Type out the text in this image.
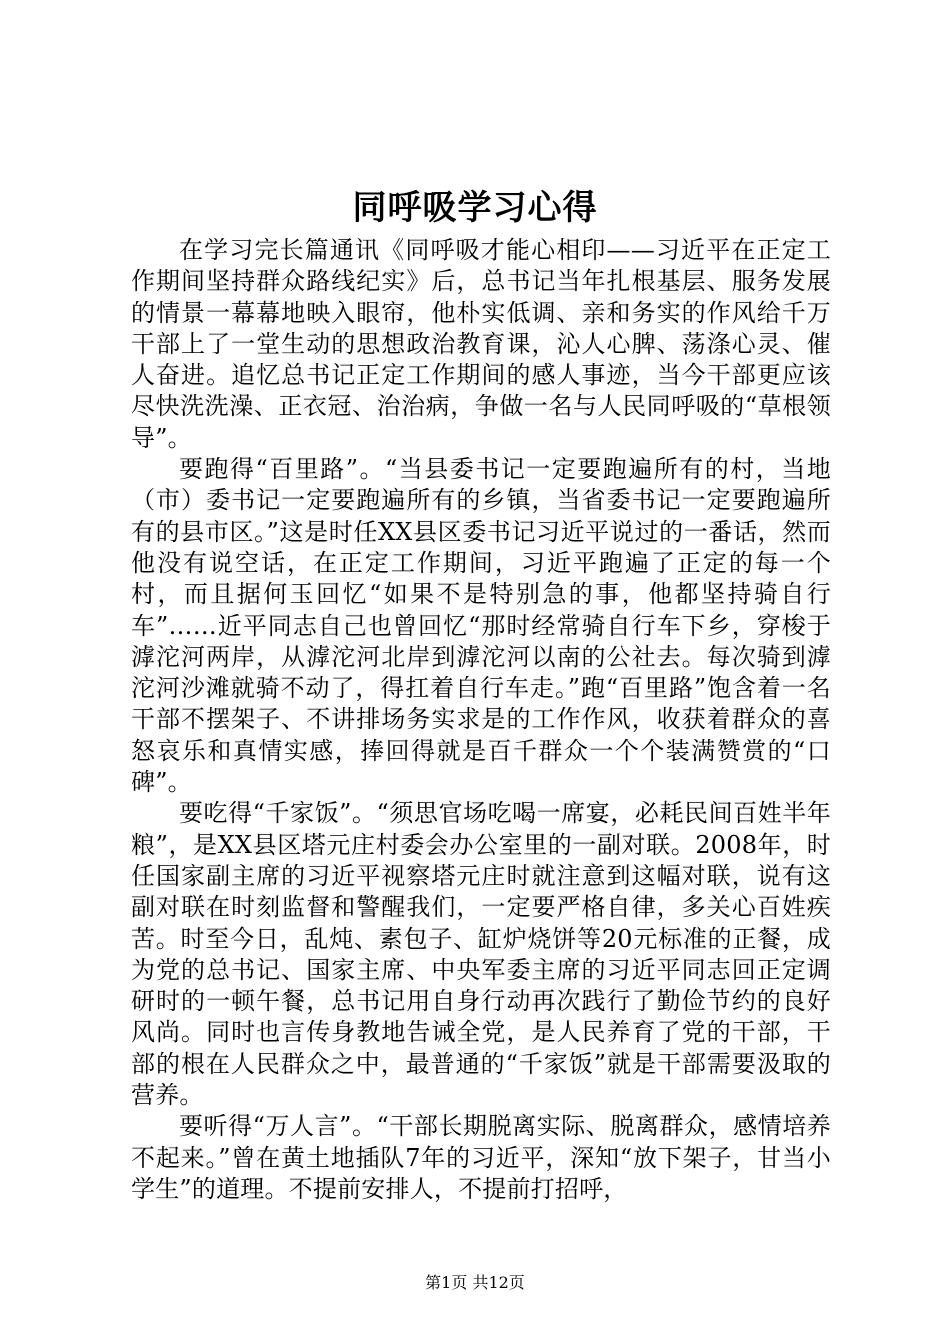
同呼吸学习心得

在学习完长篇通讯《同呼吸才能心相印——习近平在正定工作期间坚持群众路线纪实》后，总书记当年扎根基层、服务发展的情景一幕幕地映入眼帘，他朴实低调、亲和务实的作风给千万干部上了一堂生动的思想政治教育课，沁人心脾、荡涤心灵、催人奋进。追忆总书记正定工作期间的感人事迹，当今干部更应该尽快洗洗澡、正衣冠、治治病，争做一名与人民同呼吸的“草根领导”。

要跑得“百里路”。“当县委书记一定要跑遍所有的村，当地（市）委书记一定要跑遍所有的乡镇，当省委书记一定要跑遍所有的县市区。”这是时任XX县区委书记习近平说过的一番话，然而他没有说空话，在正定工作期间，习近平跑遍了正定的每一个村，而且据何玉回忆“如果不是特别急的事，他都坚持骑自行车”……近平同志自己也曾回忆“那时经常骑自行车下乡，穿梭于滹沱河两岸，从滹沱河北岸到滹沱河以南的公社去。每次骑到滹沱河沙滩就骑不动了，得扛着自行车走。”跑“百里路”饱含着一名干部不摆架子、不讲排场务实求是的工作作风，收获着群众的喜怒哀乐和真情实感，捧回得就是百千群众一个个装满赞赏的“口碑”。

要吃得“千家饭”。“须思官场吃喝一席宴，必耗民间百姓半年粮”，是XX县区塔元庄村委会办公室里的一副对联。2008年，时任国家副主席的习近平视察塔元庄时就注意到这幅对联，说有这副对联在时刻监督和警醒我们，一定要严格自律，多关心百姓疾苦。时至今日，乱炖、素包子、缸炉烧饼等20元标准的正餐，成为党的总书记、国家主席、中央军委主席的习近平同志回正定调研时的一顿午餐，总书记用自身行动再次践行了勤俭节约的良好风尚。同时也言传身教地告诫全党，是人民养育了党的干部，干部的根在人民群众之中，最普通的“千家饭”就是干部需要汲取的营养。

要听得“万人言”。“干部长期脱离实际、脱离群众，感情培养不起来。”曾在黄土地插队7年的习近平，深知“放下架子，甘当小学生”的道理。不提前安排人，不提前打招呼，

第1页 共12页
